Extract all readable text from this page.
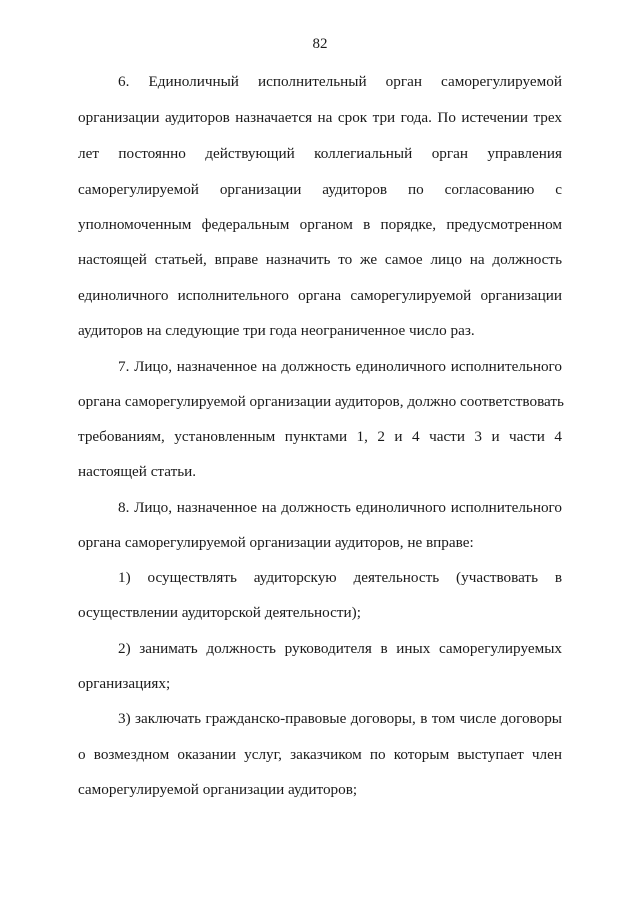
82
6. Единоличный исполнительный орган саморегулируемой
организации аудиторов назначается на срок три года. По истечении трех
лет постоянно действующий коллегиальный орган управления
саморегулируемой организации аудиторов по согласованию с
уполномоченным федеральным органом в порядке, предусмотренном
настоящей статьей, вправе назначить то же самое лицо на должность
единоличного исполнительного органа саморегулируемой организации
аудиторов на следующие три года неограниченное число раз.
7. Лицо, назначенное на должность единоличного исполнительного
органа саморегулируемой организации аудиторов, должно соответствовать
требованиям, установленным пунктами 1, 2 и 4 части 3 и части 4
настоящей статьи.
8. Лицо, назначенное на должность единоличного исполнительного
органа саморегулируемой организации аудиторов, не вправе:
1) осуществлять аудиторскую деятельность (участвовать в
осуществлении аудиторской деятельности);
2) занимать должность руководителя в иных саморегулируемых
организациях;
3) заключать гражданско-правовые договоры, в том числе договоры
о возмездном оказании услуг, заказчиком по которым выступает член
саморегулируемой организации аудиторов;
